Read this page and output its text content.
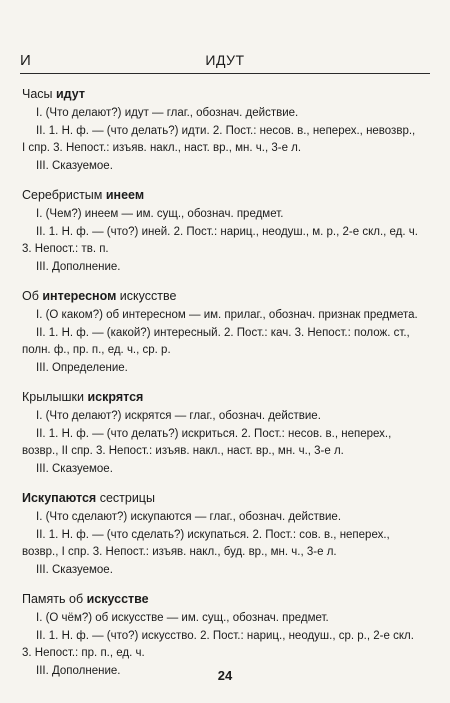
И	ИДУТ
Часы идут
I. (Что делают?) идут — глаг., обознач. действие.
II. 1. Н. ф. — (что делать?) идти. 2. Пост.: несов. в., неперех., невозвр.,
I спр. 3. Непост.: изъяв. накл., наст. вр., мн. ч., 3-е л.
III. Сказуемое.
Серебристым инеем
I. (Чем?) инеем — им. сущ., обознач. предмет.
II. 1. Н. ф. — (что?) иней. 2. Пост.: нариц., неодуш., м. р., 2-е скл., ед. ч.
3. Непост.: тв. п.
III. Дополнение.
Об интересном искусстве
I. (О каком?) об интересном — им. прилаг., обознач. признак предмета.
II. 1. Н. ф. — (какой?) интересный. 2. Пост.: кач. 3. Непост.: полож. ст.,
полн. ф., пр. п., ед. ч., ср. р.
III. Определение.
Крылышки искрятся
I. (Что делают?) искрятся — глаг., обознач. действие.
II. 1. Н. ф. — (что делать?) искриться. 2. Пост.: несов. в., неперех.,
возвр., II спр. 3. Непост.: изъяв. накл., наст. вр., мн. ч., 3-е л.
III. Сказуемое.
Искупаются сестрицы
I. (Что сделают?) искупаются — глаг., обознач. действие.
II. 1. Н. ф. — (что сделать?) искупаться. 2. Пост.: сов. в., неперех.,
возвр., I спр. 3. Непост.: изъяв. накл., буд. вр., мн. ч., 3-е л.
III. Сказуемое.
Память об искусстве
I. (О чём?) об искусстве — им. сущ., обознач. предмет.
II. 1. Н. ф. — (что?) искусство. 2. Пост.: нариц., неодуш., ср. р., 2-е скл.
3. Непост.: пр. п., ед. ч.
III. Дополнение.	24
